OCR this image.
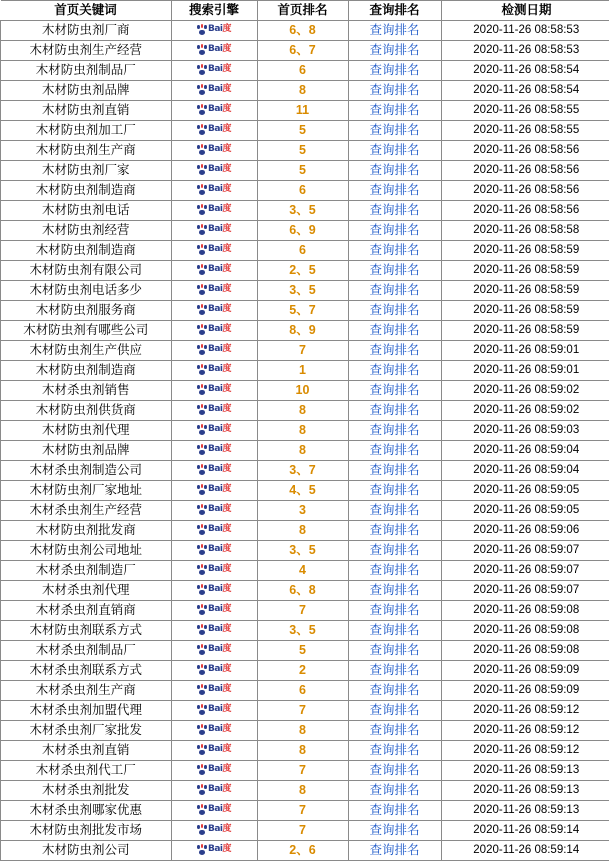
首页关键词	搜索引擎	首页排名	查询排名	检测日期
木材防虫剂厂商	Bai度	6、8	查询排名	2020-11-26 08:58:53
木材防虫剂生产经营	Bai度	6、7	查询排名	2020-11-26 08:58:53
木材防虫剂制品厂	Bai度	6	查询排名	2020-11-26 08:58:54
木材防虫剂品牌	Bai度	8	查询排名	2020-11-26 08:58:54
木材防虫剂直销	Bai度	11	查询排名	2020-11-26 08:58:55
木材防虫剂加工厂	Bai度	5	查询排名	2020-11-26 08:58:55
木材防虫剂生产商	Bai度	5	查询排名	2020-11-26 08:58:56
木材防虫剂厂家	Bai度	5	查询排名	2020-11-26 08:58:56
木材防虫剂制造商	Bai度	6	查询排名	2020-11-26 08:58:56
木材防虫剂电话	Bai度	3、5	查询排名	2020-11-26 08:58:56
木材防虫剂经营	Bai度	6、9	查询排名	2020-11-26 08:58:58
木材防虫剂制造商	Bai度	6	查询排名	2020-11-26 08:58:59
木材防虫剂有限公司	Bai度	2、5	查询排名	2020-11-26 08:58:59
木材防虫剂电话多少	Bai度	3、5	查询排名	2020-11-26 08:58:59
木材防虫剂服务商	Bai度	5、7	查询排名	2020-11-26 08:58:59
木材防虫剂有哪些公司	Bai度	8、9	查询排名	2020-11-26 08:58:59
木材防虫剂生产供应	Bai度	7	查询排名	2020-11-26 08:59:01
木材防虫剂制造商	Bai度	1	查询排名	2020-11-26 08:59:01
木材杀虫剂销售	Bai度	10	查询排名	2020-11-26 08:59:02
木材防虫剂供货商	Bai度	8	查询排名	2020-11-26 08:59:02
木材防虫剂代理	Bai度	8	查询排名	2020-11-26 08:59:03
木材防虫剂品牌	Bai度	8	查询排名	2020-11-26 08:59:04
木材杀虫剂制造公司	Bai度	3、7	查询排名	2020-11-26 08:59:04
木材防虫剂厂家地址	Bai度	4、5	查询排名	2020-11-26 08:59:05
木材杀虫剂生产经营	Bai度	3	查询排名	2020-11-26 08:59:05
木材防虫剂批发商	Bai度	8	查询排名	2020-11-26 08:59:06
木材防虫剂公司地址	Bai度	3、5	查询排名	2020-11-26 08:59:07
木材杀虫剂制造厂	Bai度	4	查询排名	2020-11-26 08:59:07
木材杀虫剂代理	Bai度	6、8	查询排名	2020-11-26 08:59:07
木材杀虫剂直销商	Bai度	7	查询排名	2020-11-26 08:59:08
木材防虫剂联系方式	Bai度	3、5	查询排名	2020-11-26 08:59:08
木材杀虫剂制品厂	Bai度	5	查询排名	2020-11-26 08:59:08
木材杀虫剂联系方式	Bai度	2	查询排名	2020-11-26 08:59:09
木材杀虫剂生产商	Bai度	6	查询排名	2020-11-26 08:59:09
木材杀虫剂加盟代理	Bai度	7	查询排名	2020-11-26 08:59:12
木材杀虫剂厂家批发	Bai度	8	查询排名	2020-11-26 08:59:12
木材杀虫剂直销	Bai度	8	查询排名	2020-11-26 08:59:12
木材杀虫剂代工厂	Bai度	7	查询排名	2020-11-26 08:59:13
木材杀虫剂批发	Bai度	8	查询排名	2020-11-26 08:59:13
木材杀虫剂哪家优惠	Bai度	7	查询排名	2020-11-26 08:59:13
木材防虫剂批发市场	Bai度	7	查询排名	2020-11-26 08:59:14
木材防虫剂公司	Bai度	2、6	查询排名	2020-11-26 08:59:14
